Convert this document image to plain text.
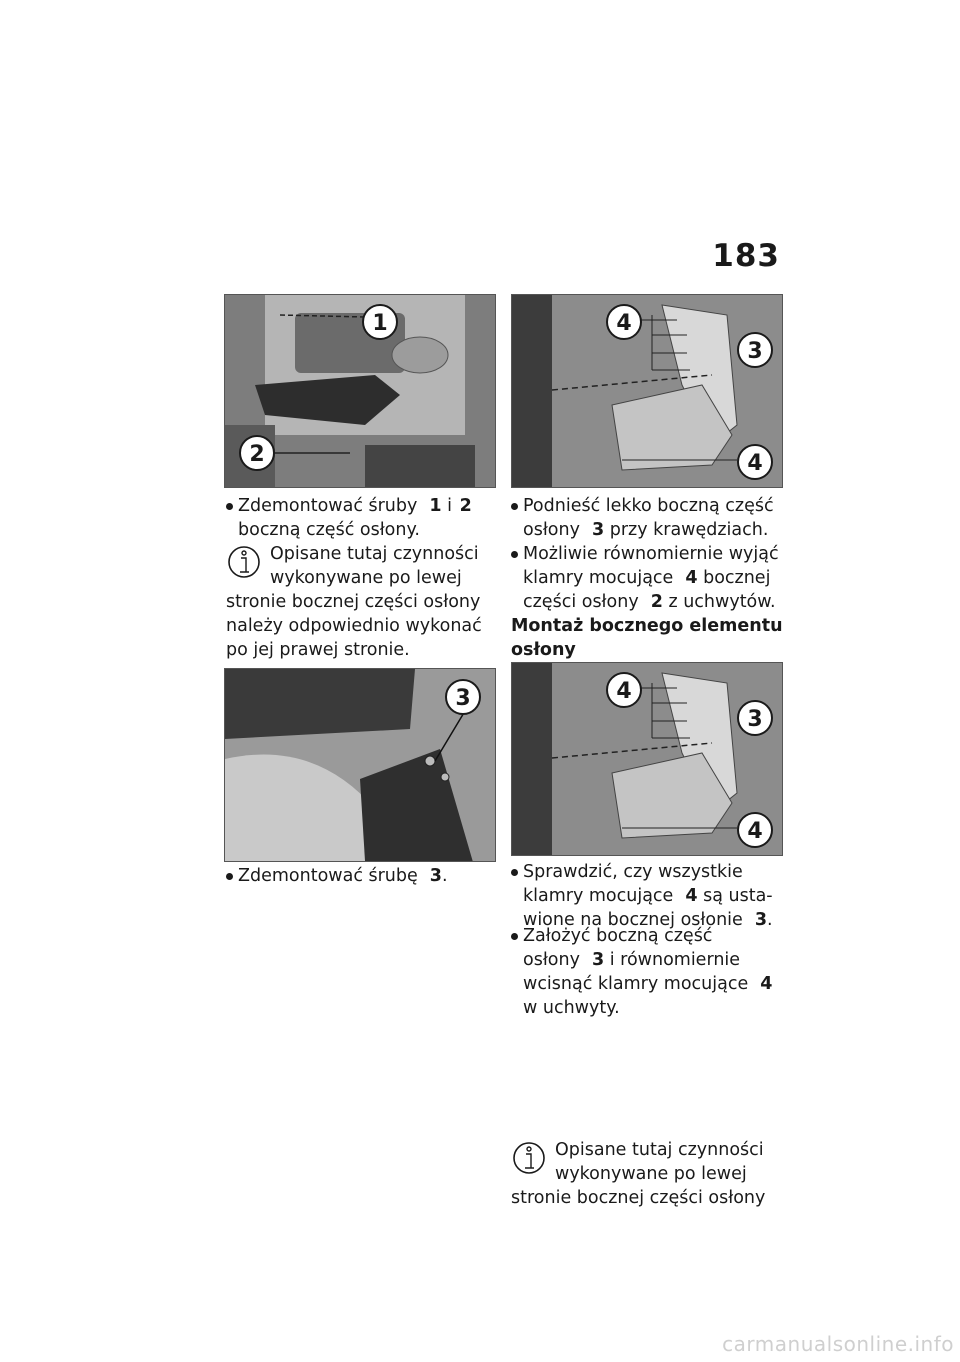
183
1
2
3
4
3
4
4
3
4
Zdemontować śruby 1 i 2
boczną część osłony.
Opisane tutaj czynności
wykonywane po lewej
stronie bocznej części osłony
należy odpowiednio wykonać
po jej prawej stronie.
Zdemontować śrubę 3.
Podnieść lekko boczną część
osłony 3 przy krawędziach.
Możliwie równomiernie wyjąć
klamry mocujące 4 bocznej
części osłony 2 z uchwytów.
Montaż bocznego elementu
osłony
Sprawdzić, czy wszystkie
klamry mocujące 4 są usta-
wione na bocznej osłonie 3.
Założyć boczną część
osłony 3 i równomiernie
wcisnąć klamry mocujące 4
w uchwyty.
Opisane tutaj czynności
wykonywane po lewej
stronie bocznej części osłony
carmanualsonline.info
